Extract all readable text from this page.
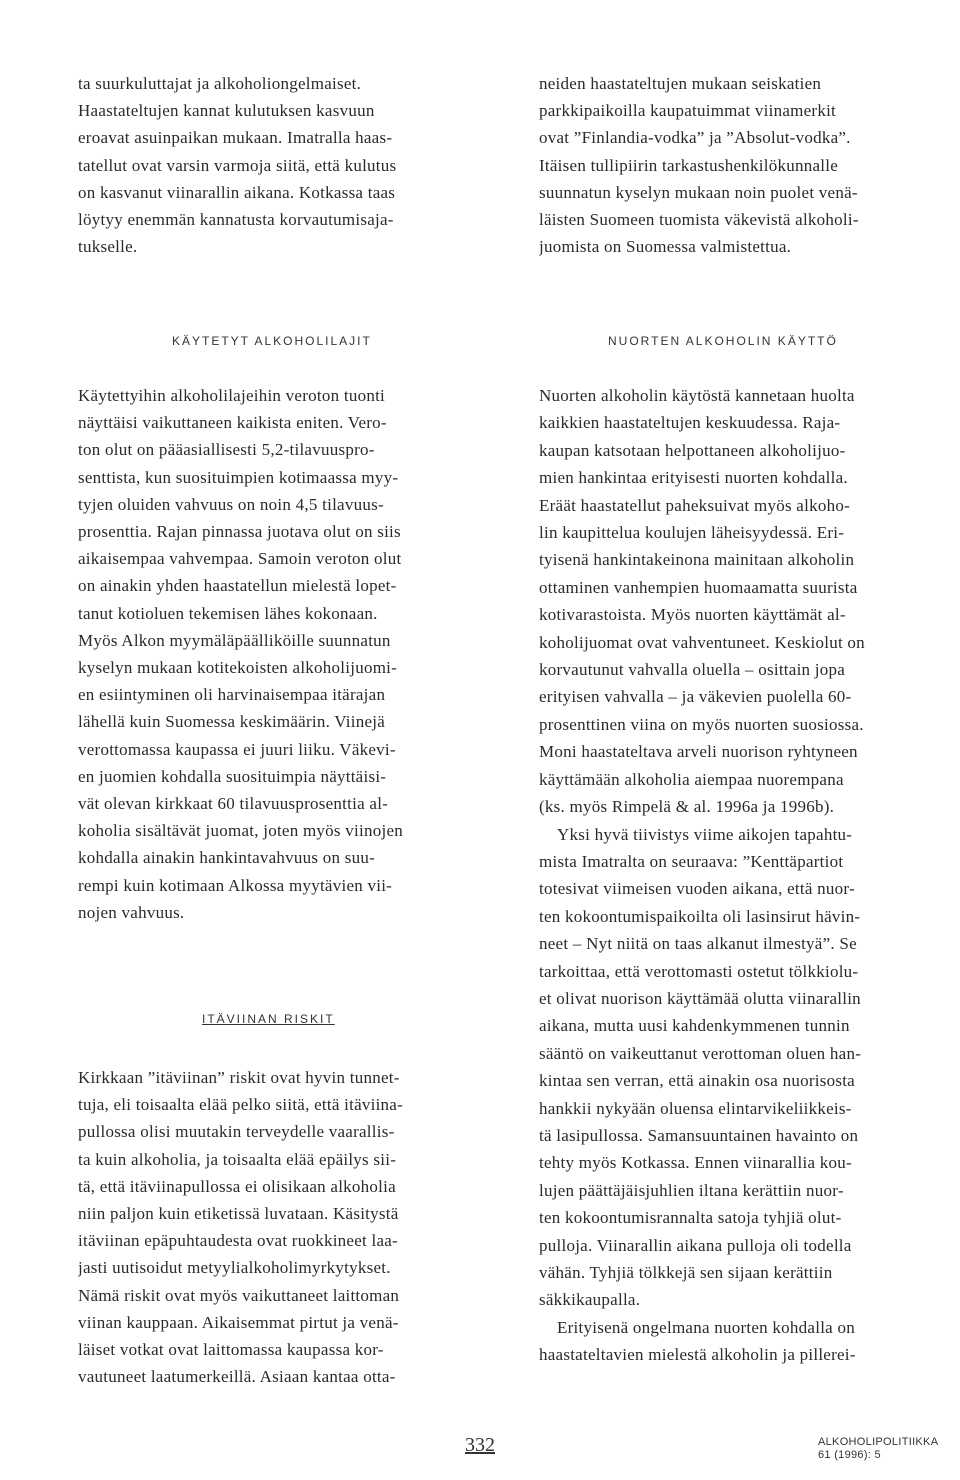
ta suurkuluttajat ja alkoholiongelmaiset.
Haastateltujen kannat kulutuksen kasvuun
eroavat asuinpaikan mukaan. Imatralla haas-
tatellut ovat varsin varmoja siitä, että kulutus
on kasvanut viinarallin aikana. Kotkassa taas
löytyy enemmän kannatusta korvautumisaja-
tukselle.
neiden haastateltujen mukaan seiskatien
parkkipaikoilla kaupatuimmat viinamerkit
ovat ”Finlandia-vodka” ja ”Absolut-vodka”.
Itäisen tullipiirin tarkastushenkilökunnalle
suunnatun kyselyn mukaan noin puolet venä-
läisten Suomeen tuomista väkevistä alkoholi-
juomista on Suomessa valmistettua.
KÄYTETYT ALKOHOLILAJIT	NUORTEN ALKOHOLIN KÄYTTÖ
ITÄVIINAN RISKIT
Käytettyihin alkoholilajeihin veroton tuonti
näyttäisi vaikuttaneen kaikista eniten. Vero-
ton olut on pääasiallisesti 5,2-tilavuuspro-
senttista, kun suosituimpien kotimaassa myy-
tyjen oluiden vahvuus on noin 4,5 tilavuus-
prosenttia. Rajan pinnassa juotava olut on siis
aikaisempaa vahvempaa. Samoin veroton olut
on ainakin yhden haastatellun mielestä lopet-
tanut kotioluen tekemisen lähes kokonaan.
Myös Alkon myymäläpäälliköille suunnatun
kyselyn mukaan kotitekoisten alkoholijuomi-
en esiintyminen oli harvinaisempaa itärajan
lähellä kuin Suomessa keskimäärin. Viinejä
verottomassa kaupassa ei juuri liiku. Väkevi-
en juomien kohdalla suosituimpia näyttäisi-
vät olevan kirkkaat 60 tilavuusprosenttia al-
koholia sisältävät juomat, joten myös viinojen
kohdalla ainakin hankintavahvuus on suu-
rempi kuin kotimaan Alkossa myytävien vii-
nojen vahvuus.
Kirkkaan ”itäviinan” riskit ovat hyvin tunnet-
tuja, eli toisaalta elää pelko siitä, että itäviina-
pullossa olisi muutakin terveydelle vaarallis-
ta kuin alkoholia, ja toisaalta elää epäilys sii-
tä, että itäviinapullossa ei olisikaan alkoholia
niin paljon kuin etiketissä luvataan. Käsitystä
itäviinan epäpuhtaudesta ovat ruokkineet laa-
jasti uutisoidut metyylialkoholimyrkytykset.
Nämä riskit ovat myös vaikuttaneet laittoman
viinan kauppaan. Aikaisemmat pirtut ja venä-
läiset votkat ovat laittomassa kaupassa kor-
vautuneet laatumerkeillä. Asiaan kantaa otta-
Nuorten alkoholin käytöstä kannetaan huolta
kaikkien haastateltujen keskuudessa. Raja-
kaupan katsotaan helpottaneen alkoholijuo-
mien hankintaa erityisesti nuorten kohdalla.
Eräät haastatellut paheksuivat myös alkoho-
lin kaupittelua koulujen läheisyydessä. Eri-
tyisenä hankintakeinona mainitaan alkoholin
ottaminen vanhempien huomaamatta suurista
kotivarastoista. Myös nuorten käyttämät al-
koholijuomat ovat vahventuneet. Keskiolut on
korvautunut vahvalla oluella – osittain jopa
erityisen vahvalla – ja väkevien puolella 60-
prosenttinen viina on myös nuorten suosiossa.
Moni haastateltava arveli nuorison ryhtyneen
käyttämään alkoholia aiempaa nuorempana
(ks. myös Rimpelä & al. 1996a ja 1996b).
Yksi hyvä tiivistys viime aikojen tapahtu-
mista Imatralta on seuraava: ”Kenttäpartiot
totesivat viimeisen vuoden aikana, että nuor-
ten kokoontumispaikoilta oli lasinsirut hävin-
neet – Nyt niitä on taas alkanut ilmestyä”. Se
tarkoittaa, että verottomasti ostetut tölkkiolu-
et olivat nuorison käyttämää olutta viinarallin
aikana, mutta uusi kahdenkymmenen tunnin
sääntö on vaikeuttanut verottoman oluen han-
kintaa sen verran, että ainakin osa nuorisosta
hankkii nykyään oluensa elintarvikeliikkeis-
tä lasipullossa. Samansuuntainen havainto on
tehty myös Kotkassa. Ennen viinarallia kou-
lujen päättäjäisjuhlien iltana kerättiin nuor-
ten kokoontumisrannalta satoja tyhjiä olut-
pulloja. Viinarallin aikana pulloja oli todella
vähän. Tyhjiä tölkkejä sen sijaan kerättiin
säkkikaupalla.
Erityisenä ongelmana nuorten kohdalla on
haastateltavien mielestä alkoholin ja pillerei-
332	ALKOHOLIPOLITIIKKA
61 (1996): 5
